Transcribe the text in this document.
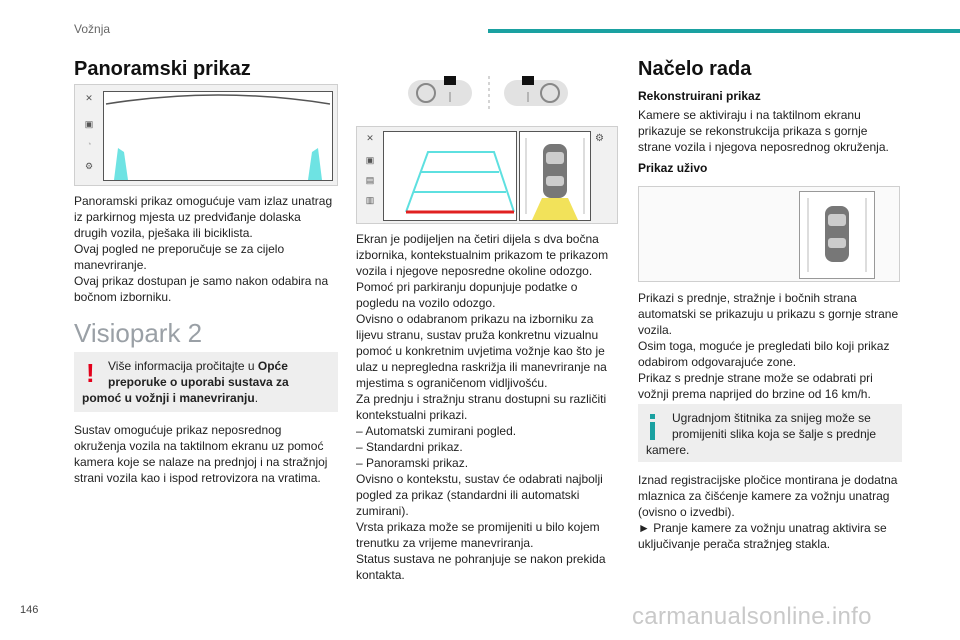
Vožnja
Panoramski prikaz
✕
▣
◔
⚙
Panoramski prikaz omogućuje vam izlaz unatrag
iz parkirnog mjesta uz predviđanje dolaska
drugih vozila, pješaka ili biciklista.
Ovaj pogled ne preporučuje se za cijelo
manevriranje.
Ovaj prikaz dostupan je samo nakon odabira na
bočnom izborniku.
Visiopark 2
! Više informacija pročitajte u Opće
preporuke o uporabi sustava za
pomoć u vožnji i manevriranju.
Sustav omogućuje prikaz neposrednog
okruženja vozila na taktilnom ekranu uz pomoć
kamera koje se nalaze na prednjoj i na stražnjoj
strani vozila kao i ispod retrovizora na vratima.
✕
▣
▤
▥
⚙
Ekran je podijeljen na četiri dijela s dva bočna
izbornika, kontekstualnim prikazom te prikazom
vozila i njegove neposredne okoline odozgo.
Pomoć pri parkiranju dopunjuje podatke o
pogledu na vozilo odozgo.
Ovisno o odabranom prikazu na izborniku za
lijevu stranu, sustav pruža konkretnu vizualnu
pomoć u konkretnim uvjetima vožnje kao što je
ulaz u nepregledna raskrižja ili manevriranje na
mjestima s ograničenom vidljivošću.
Za prednju i stražnju stranu dostupni su različiti
kontekstualni prikazi.
– Automatski zumirani pogled.
– Standardni prikaz.
– Panoramski prikaz.
Ovisno o kontekstu, sustav će odabrati najbolji
pogled za prikaz (standardni ili automatski
zumirani).
Vrsta prikaza može se promijeniti u bilo kojem
trenutku za vrijeme manevriranja.
Status sustava ne pohranjuje se nakon prekida
kontakta.
Načelo rada
Rekonstruirani prikaz
Kamere se aktiviraju i na taktilnom ekranu
prikazuje se rekonstrukcija prikaza s gornje
strane vozila i njegova neposrednog okruženja.
Prikaz uživo
Prikazi s prednje, stražnje i bočnih strana
automatski se prikazuju u prikazu s gornje strane
vozila.
Osim toga, moguće je pregledati bilo koji prikaz
odabirom odgovarajuće zone.
Prikaz s prednje strane može se odabrati pri
vožnji prema naprijed do brzine od 16 km/h.
Ugradnjom štitnika za snijeg može se
promijeniti slika koja se šalje s prednje
kamere.
Iznad registracijske pločice montirana je dodatna
mlaznica za čišćenje kamere za vožnju unatrag
(ovisno o izvedbi).
► Pranje kamere za vožnju unatrag aktivira se
uključivanje perača stražnjeg stakla.
146	carmanualsonline.info
